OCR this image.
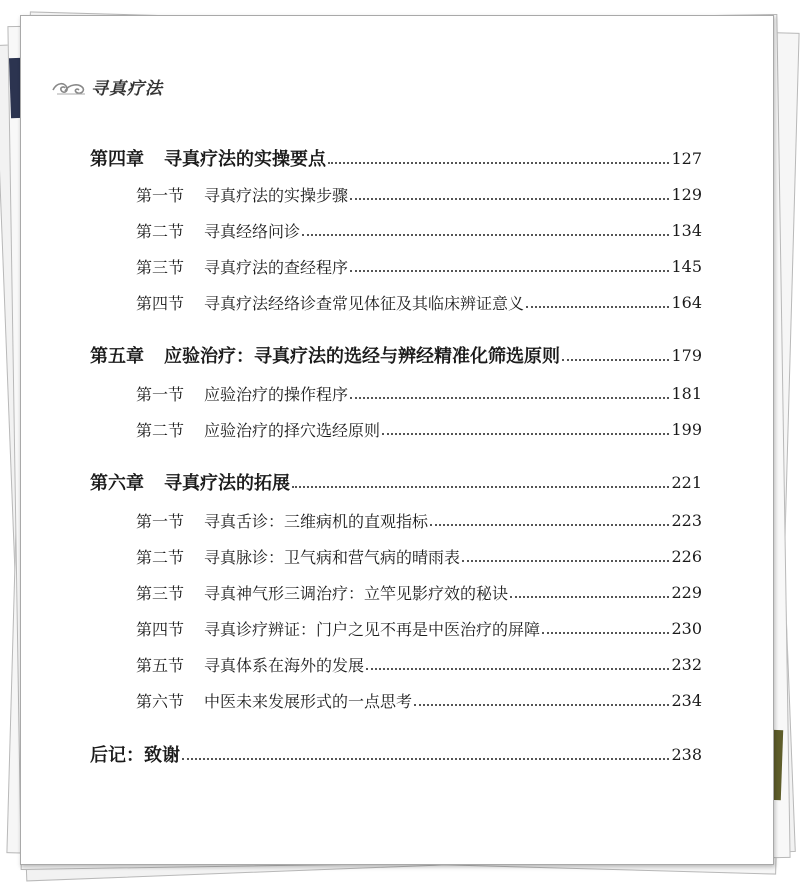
寻真疗法
第四章 寻真疗法的实操要点	127
第一节 寻真疗法的实操步骤	129
第二节 寻真经络问诊	134
第三节 寻真疗法的查经程序	145
第四节 寻真疗法经络诊查常见体征及其临床辨证意义	164
第五章 应验治疗：寻真疗法的选经与辨经精准化筛选原则	179
第一节 应验治疗的操作程序	181
第二节 应验治疗的择穴选经原则	199
第六章 寻真疗法的拓展	221
第一节 寻真舌诊：三维病机的直观指标	223
第二节 寻真脉诊：卫气病和营气病的晴雨表	226
第三节 寻真神气形三调治疗：立竿见影疗效的秘诀	229
第四节 寻真诊疗辨证：门户之见不再是中医治疗的屏障	230
第五节 寻真体系在海外的发展	232
第六节 中医未来发展形式的一点思考	234
后记：致谢	238
